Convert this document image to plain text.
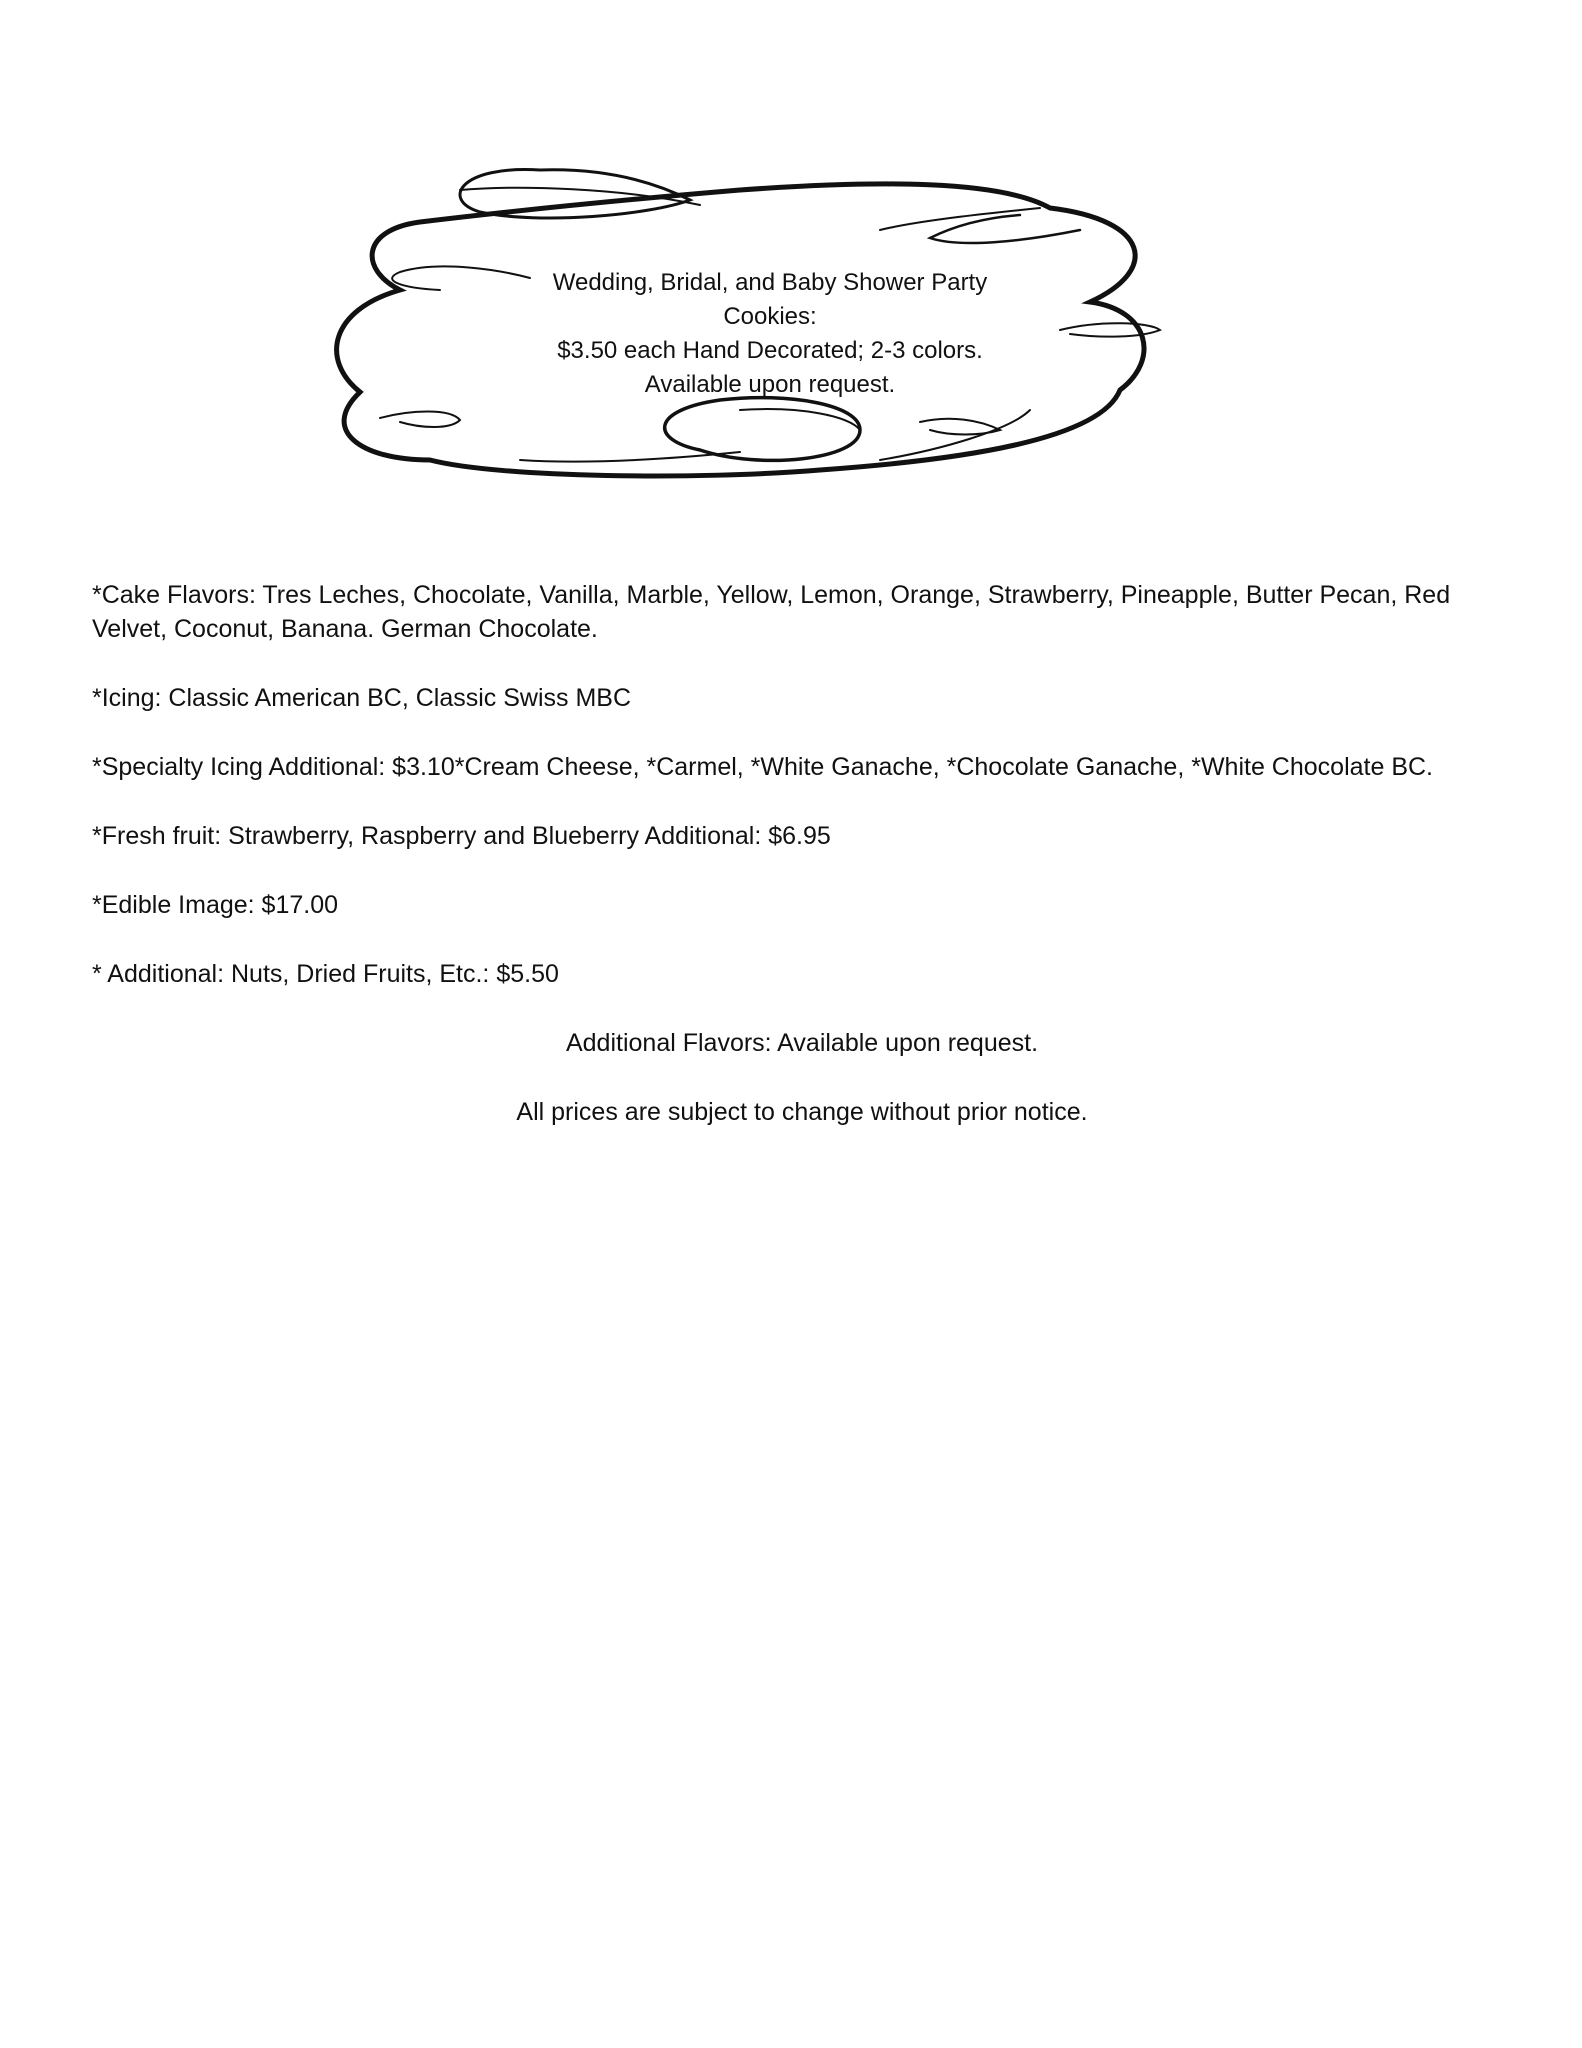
Wedding, Bridal, and Baby Shower Party
Cookies:
$3.50 each Hand Decorated; 2-3 colors.
Available upon request.

*Cake Flavors: Tres Leches, Chocolate, Vanilla, Marble, Yellow, Lemon, Orange, Strawberry, Pineapple, Butter Pecan, Red Velvet, Coconut, Banana. German Chocolate.

*Icing: Classic American BC, Classic Swiss MBC

*Specialty Icing Additional: $3.10*Cream Cheese, *Carmel, *White Ganache, *Chocolate Ganache, *White Chocolate BC.

*Fresh fruit: Strawberry, Raspberry and Blueberry Additional: $6.95

*Edible Image: $17.00

* Additional: Nuts, Dried Fruits, Etc.: $5.50

Additional Flavors: Available upon request.

All prices are subject to change without prior notice.
